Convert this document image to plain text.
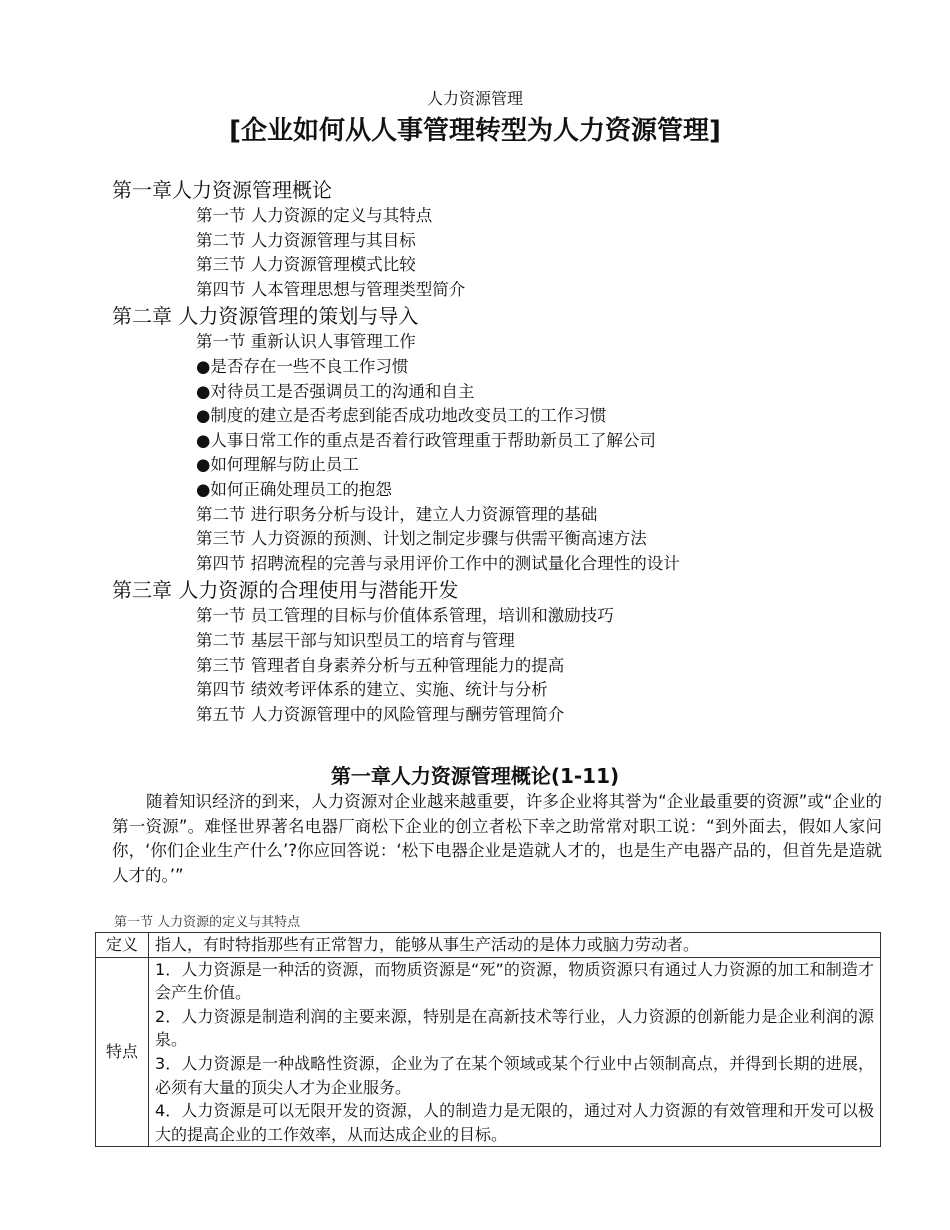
人力资源管理
[企业如何从人事管理转型为人力资源管理]
第一章人力资源管理概论
第一节 人力资源的定义与其特点
第二节 人力资源管理与其目标
第三节 人力资源管理模式比较
第四节 人本管理思想与管理类型简介
第二章 人力资源管理的策划与导入
第一节 重新认识人事管理工作
●是否存在一些不良工作习惯
●对待员工是否强调员工的沟通和自主
●制度的建立是否考虑到能否成功地改变员工的工作习惯
●人事日常工作的重点是否着行政管理重于帮助新员工了解公司
●如何理解与防止员工
●如何正确处理员工的抱怨
第二节 进行职务分析与设计，建立人力资源管理的基础
第三节 人力资源的预测、计划之制定步骤与供需平衡高速方法
第四节 招聘流程的完善与录用评价工作中的测试量化合理性的设计
第三章 人力资源的合理使用与潜能开发
第一节 员工管理的目标与价值体系管理，培训和激励技巧
第二节 基层干部与知识型员工的培育与管理
第三节 管理者自身素养分析与五种管理能力的提高
第四节 绩效考评体系的建立、实施、统计与分析
第五节 人力资源管理中的风险管理与酬劳管理简介
第一章人力资源管理概论(1-11)
随着知识经济的到来，人力资源对企业越来越重要，许多企业将其誉为“企业最重要的资源”或“企业的第一资源”。难怪世界著名电器厂商松下企业的创立者松下幸之助常常对职工说：“到外面去，假如人家问你，‘你们企业生产什么’?你应回答说：‘松下电器企业是造就人才的，也是生产电器产品的，但首先是造就人才的。’”
第一节 人力资源的定义与其特点
定义	指人，有时特指那些有正常智力，能够从事生产活动的是体力或脑力劳动者。
特点	1．人力资源是一种活的资源，而物质资源是“死”的资源，物质资源只有通过人力资源的加工和制造才会产生价值。
2．人力资源是制造利润的主要来源，特别是在高新技术等行业，人力资源的创新能力是企业利润的源泉。
3．人力资源是一种战略性资源，企业为了在某个领域或某个行业中占领制高点，并得到长期的进展，必须有大量的顶尖人才为企业服务。
4．人力资源是可以无限开发的资源，人的制造力是无限的，通过对人力资源的有效管理和开发可以极大的提高企业的工作效率，从而达成企业的目标。
